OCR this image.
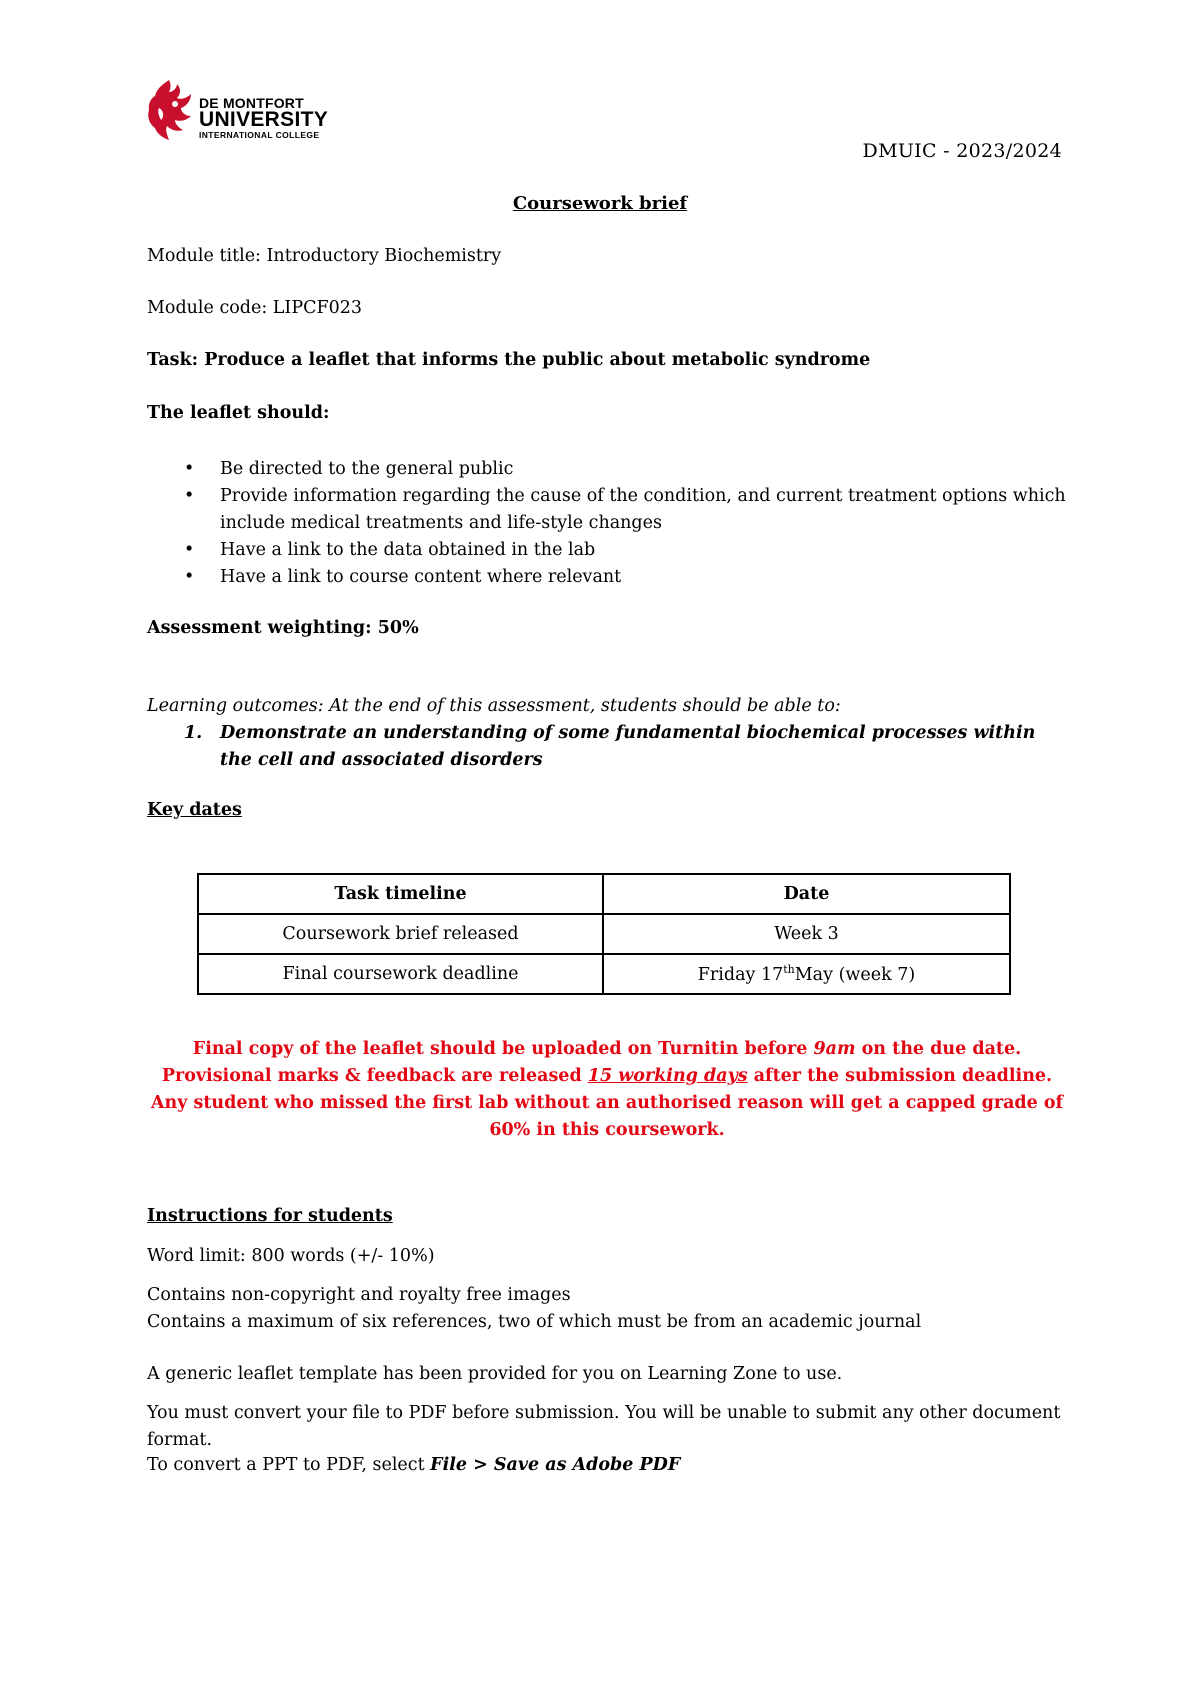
DE MONTFORT
UNIVERSITY
INTERNATIONAL COLLEGE
DMUIC - 2023/2024
Coursework brief
Module title: Introductory Biochemistry
Module code: LIPCF023
Task: Produce a leaflet that informs the public about metabolic syndrome
The leaflet should:
• Be directed to the general public
• Provide information regarding the cause of the condition, and current treatment options which include medical treatments and life-style changes
• Have a link to the data obtained in the lab
• Have a link to course content where relevant
Assessment weighting: 50%
Learning outcomes: At the end of this assessment, students should be able to:
1.	Demonstrate an understanding of some fundamental biochemical processes within the cell and associated disorders
Key dates
Task timeline	Date
Coursework brief released	Week 3
Final coursework deadline	Friday 17thMay (week 7)
Final copy of the leaflet should be uploaded on Turnitin before 9am on the due date.
Provisional marks & feedback are released 15 working days after the submission deadline.
Any student who missed the first lab without an authorised reason will get a capped grade of 60% in this coursework.
Instructions for students
Word limit: 800 words (+/- 10%)
Contains non-copyright and royalty free images
Contains a maximum of six references, two of which must be from an academic journal
A generic leaflet template has been provided for you on Learning Zone to use.
You must convert your file to PDF before submission. You will be unable to submit any other document format.
To convert a PPT to PDF, select File > Save as Adobe PDF
